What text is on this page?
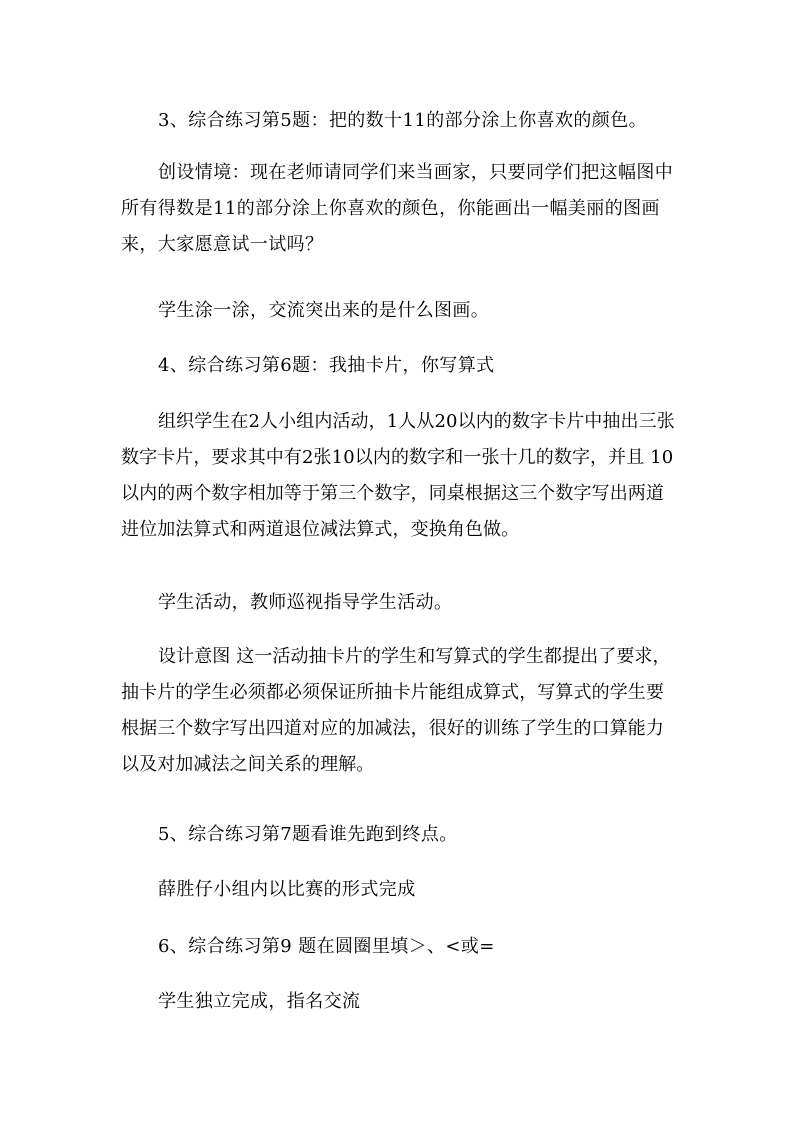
3、综合练习第5题：把的数十11的部分涂上你喜欢的颜色。

创设情境：现在老师请同学们来当画家，只要同学们把这幅图中所有得数是11的部分涂上你喜欢的颜色，你能画出一幅美丽的图画来，大家愿意试一试吗？

学生涂一涂，交流突出来的是什么图画。

4、综合练习第6题：我抽卡片，你写算式

组织学生在2人小组内活动，1人从20以内的数字卡片中抽出三张数字卡片，要求其中有2张10以内的数字和一张十几的数字，并且 10以内的两个数字相加等于第三个数字，同桌根据这三个数字写出两道进位加法算式和两道退位减法算式，变换角色做。

学生活动，教师巡视指导学生活动。

设计意图 这一活动抽卡片的学生和写算式的学生都提出了要求，抽卡片的学生必须都必须保证所抽卡片能组成算式，写算式的学生要根据三个数字写出四道对应的加减法，很好的训练了学生的口算能力以及对加减法之间关系的理解。

5、综合练习第7题看谁先跑到终点。

薛胜仔小组内以比赛的形式完成

6、综合练习第9 题在圆圈里填＞、<或=

学生独立完成，指名交流
